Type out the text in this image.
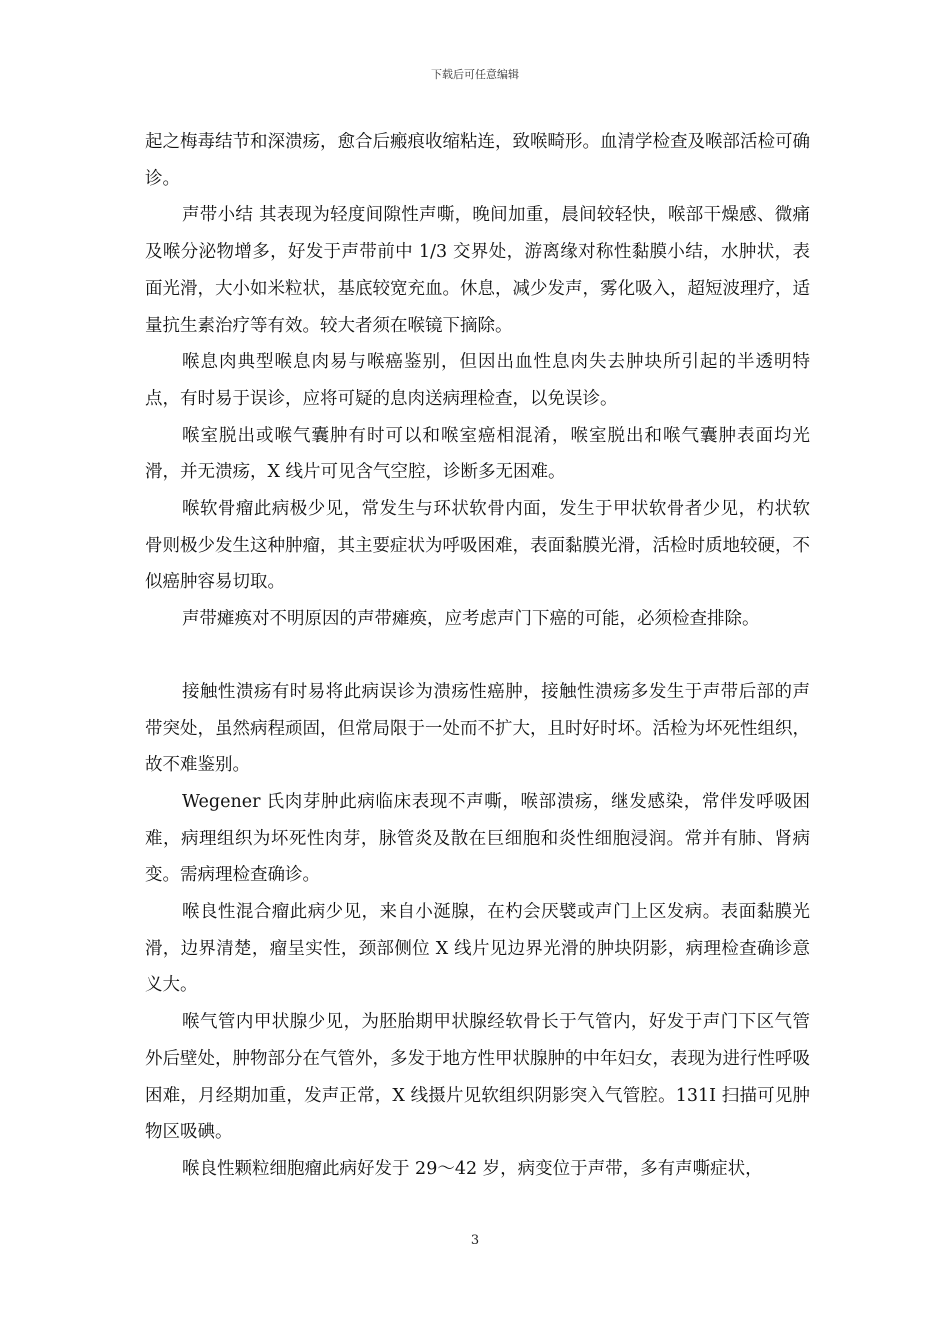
下载后可任意编辑

起之梅毒结节和深溃疡，愈合后瘢痕收缩粘连，致喉畸形。血清学检查及喉部活检可确诊。

声带小结 其表现为轻度间隙性声嘶，晚间加重，晨间较轻快，喉部干燥感、微痛及喉分泌物增多，好发于声带前中 1/3 交界处，游离缘对称性黏膜小结，水肿状，表面光滑，大小如米粒状，基底较宽充血。休息，减少发声，雾化吸入，超短波理疗，适量抗生素治疗等有效。较大者须在喉镜下摘除。

喉息肉典型喉息肉易与喉癌鉴别，但因出血性息肉失去肿块所引起的半透明特点，有时易于误诊，应将可疑的息肉送病理检查，以免误诊。

喉室脱出或喉气囊肿有时可以和喉室癌相混淆，喉室脱出和喉气囊肿表面均光滑，并无溃疡，X 线片可见含气空腔，诊断多无困难。

喉软骨瘤此病极少见，常发生与环状软骨内面，发生于甲状软骨者少见，杓状软骨则极少发生这种肿瘤，其主要症状为呼吸困难，表面黏膜光滑，活检时质地较硬，不似癌肿容易切取。

声带瘫痪对不明原因的声带瘫痪，应考虑声门下癌的可能，必须检查排除。

接触性溃疡有时易将此病误诊为溃疡性癌肿，接触性溃疡多发生于声带后部的声带突处，虽然病程顽固，但常局限于一处而不扩大，且时好时坏。活检为坏死性组织，故不难鉴别。

Wegener 氏肉芽肿此病临床表现不声嘶，喉部溃疡，继发感染，常伴发呼吸困难，病理组织为坏死性肉芽，脉管炎及散在巨细胞和炎性细胞浸润。常并有肺、肾病变。需病理检查确诊。

喉良性混合瘤此病少见，来自小涎腺，在杓会厌襞或声门上区发病。表面黏膜光滑，边界清楚，瘤呈实性，颈部侧位 X 线片见边界光滑的肿块阴影，病理检查确诊意义大。

喉气管内甲状腺少见，为胚胎期甲状腺经软骨长于气管内，好发于声门下区气管外后壁处，肿物部分在气管外，多发于地方性甲状腺肿的中年妇女，表现为进行性呼吸困难，月经期加重，发声正常，X 线摄片见软组织阴影突入气管腔。131I 扫描可见肿物区吸碘。

喉良性颗粒细胞瘤此病好发于 29～42 岁，病变位于声带，多有声嘶症状，

3
